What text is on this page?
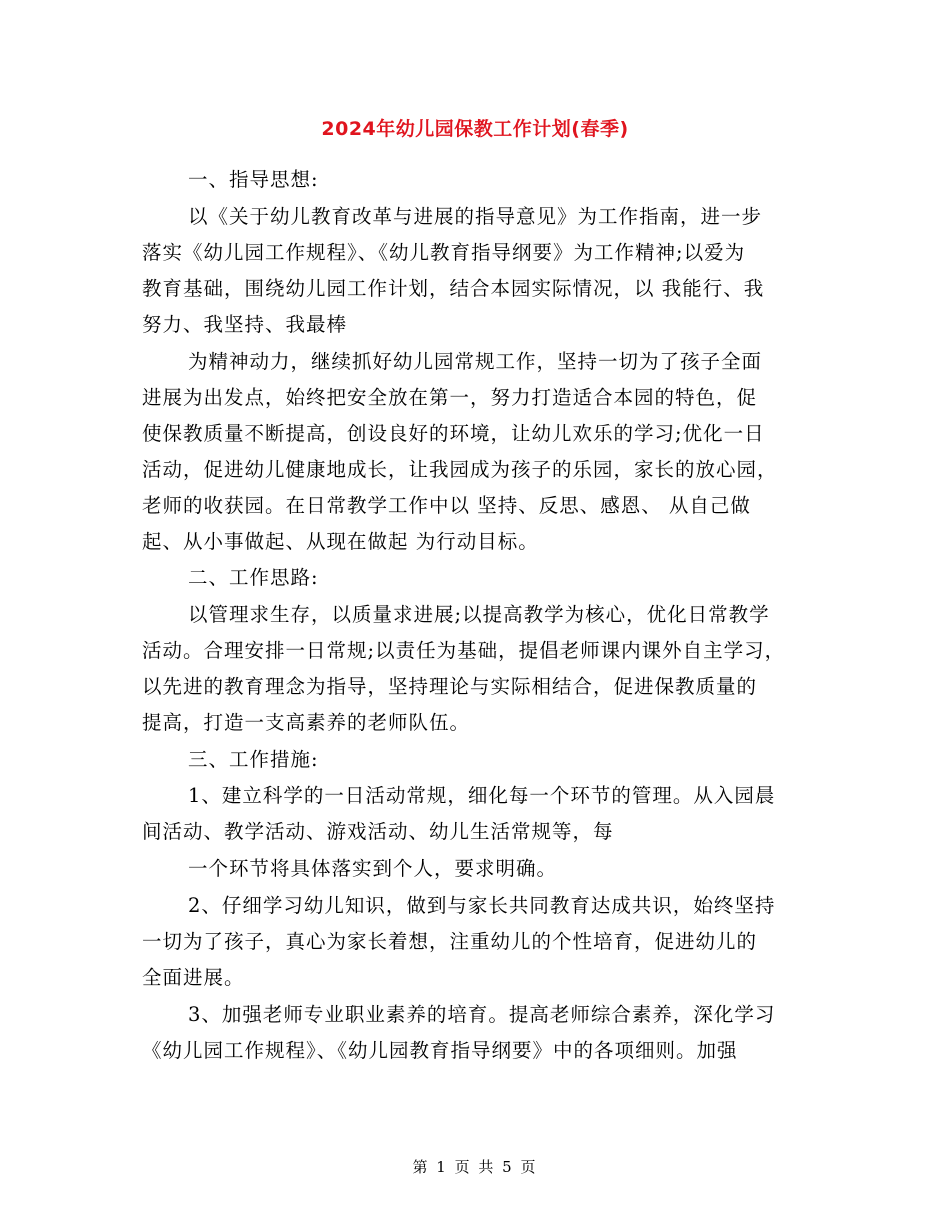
2024年幼儿园保教工作计划(春季)
一、指导思想:
以《关于幼儿教育改革与进展的指导意见》为工作指南，进一步
落实《幼儿园工作规程》、《幼儿教育指导纲要》为工作精神;以爱为
教育基础，围绕幼儿园工作计划，结合本园实际情况，以 我能行、我
努力、我坚持、我最棒
为精神动力，继续抓好幼儿园常规工作，坚持一切为了孩子全面
进展为出发点，始终把安全放在第一，努力打造适合本园的特色，促
使保教质量不断提高，创设良好的环境，让幼儿欢乐的学习;优化一日
活动，促进幼儿健康地成长，让我园成为孩子的乐园，家长的放心园，
老师的收获园。在日常教学工作中以 坚持、反思、感恩、 从自己做
起、从小事做起、从现在做起 为行动目标。
二、工作思路:
以管理求生存，以质量求进展;以提高教学为核心，优化日常教学
活动。合理安排一日常规;以责任为基础，提倡老师课内课外自主学习，
以先进的教育理念为指导，坚持理论与实际相结合，促进保教质量的
提高，打造一支高素养的老师队伍。
三、工作措施:
1、建立科学的一日活动常规，细化每一个环节的管理。从入园晨
间活动、教学活动、游戏活动、幼儿生活常规等，每
一个环节将具体落实到个人，要求明确。
2、仔细学习幼儿知识，做到与家长共同教育达成共识，始终坚持
一切为了孩子，真心为家长着想，注重幼儿的个性培育，促进幼儿的
全面进展。
3、加强老师专业职业素养的培育。提高老师综合素养，深化学习
《幼儿园工作规程》、《幼儿园教育指导纲要》中的各项细则。加强
第 1 页 共 5 页
